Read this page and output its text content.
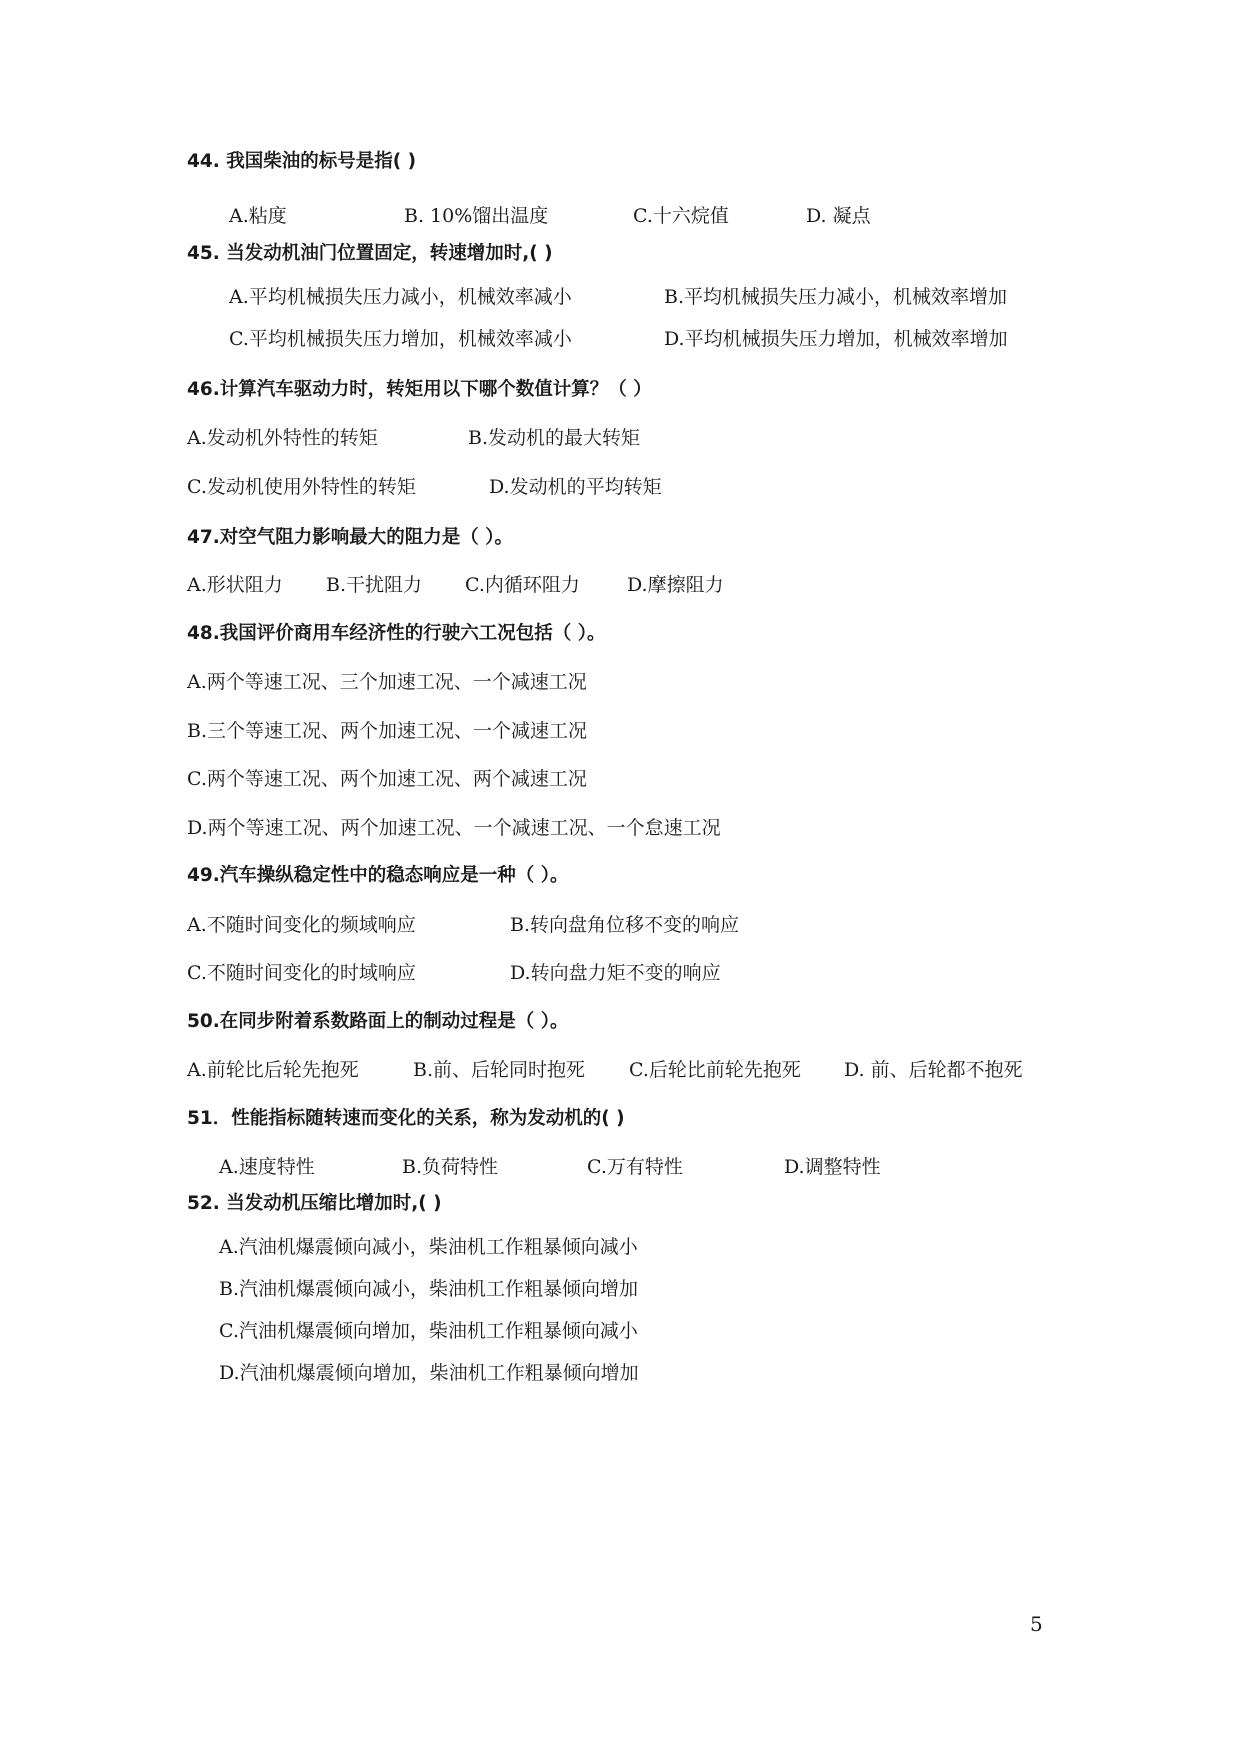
44. 我国柴油的标号是指( )
A.粘度	B. 10%馏出温度	C.十六烷值	D. 凝点
45. 当发动机油门位置固定，转速增加时,( )
A.平均机械损失压力减小，机械效率减小	B.平均机械损失压力减小，机械效率增加
C.平均机械损失压力增加，机械效率减小	D.平均机械损失压力增加，机械效率增加
46.计算汽车驱动力时，转矩用以下哪个数值计算？（ ）
A.发动机外特性的转矩	B.发动机的最大转矩
C.发动机使用外特性的转矩	D.发动机的平均转矩
47.对空气阻力影响最大的阻力是（ ）。
A.形状阻力 B.干扰阻力 C.内循环阻力 D.摩擦阻力
48.我国评价商用车经济性的行驶六工况包括（ ）。
A.两个等速工况、三个加速工况、一个减速工况
B.三个等速工况、两个加速工况、一个减速工况
C.两个等速工况、两个加速工况、两个减速工况
D.两个等速工况、两个加速工况、一个减速工况、一个怠速工况
49.汽车操纵稳定性中的稳态响应是一种（ ）。
A.不随时间变化的频域响应	B.转向盘角位移不变的响应
C.不随时间变化的时域响应	D.转向盘力矩不变的响应
50.在同步附着系数路面上的制动过程是（ ）。
A.前轮比后轮先抱死	B.前、后轮同时抱死 C.后轮比前轮先抱死 D. 前、后轮都不抱死
51．性能指标随转速而变化的关系，称为发动机的( )
A.速度特性	B.负荷特性	C.万有特性	D.调整特性
52. 当发动机压缩比增加时,( )
A.汽油机爆震倾向减小，柴油机工作粗暴倾向减小
B.汽油机爆震倾向减小，柴油机工作粗暴倾向增加
C.汽油机爆震倾向增加，柴油机工作粗暴倾向减小
D.汽油机爆震倾向增加，柴油机工作粗暴倾向增加
5
